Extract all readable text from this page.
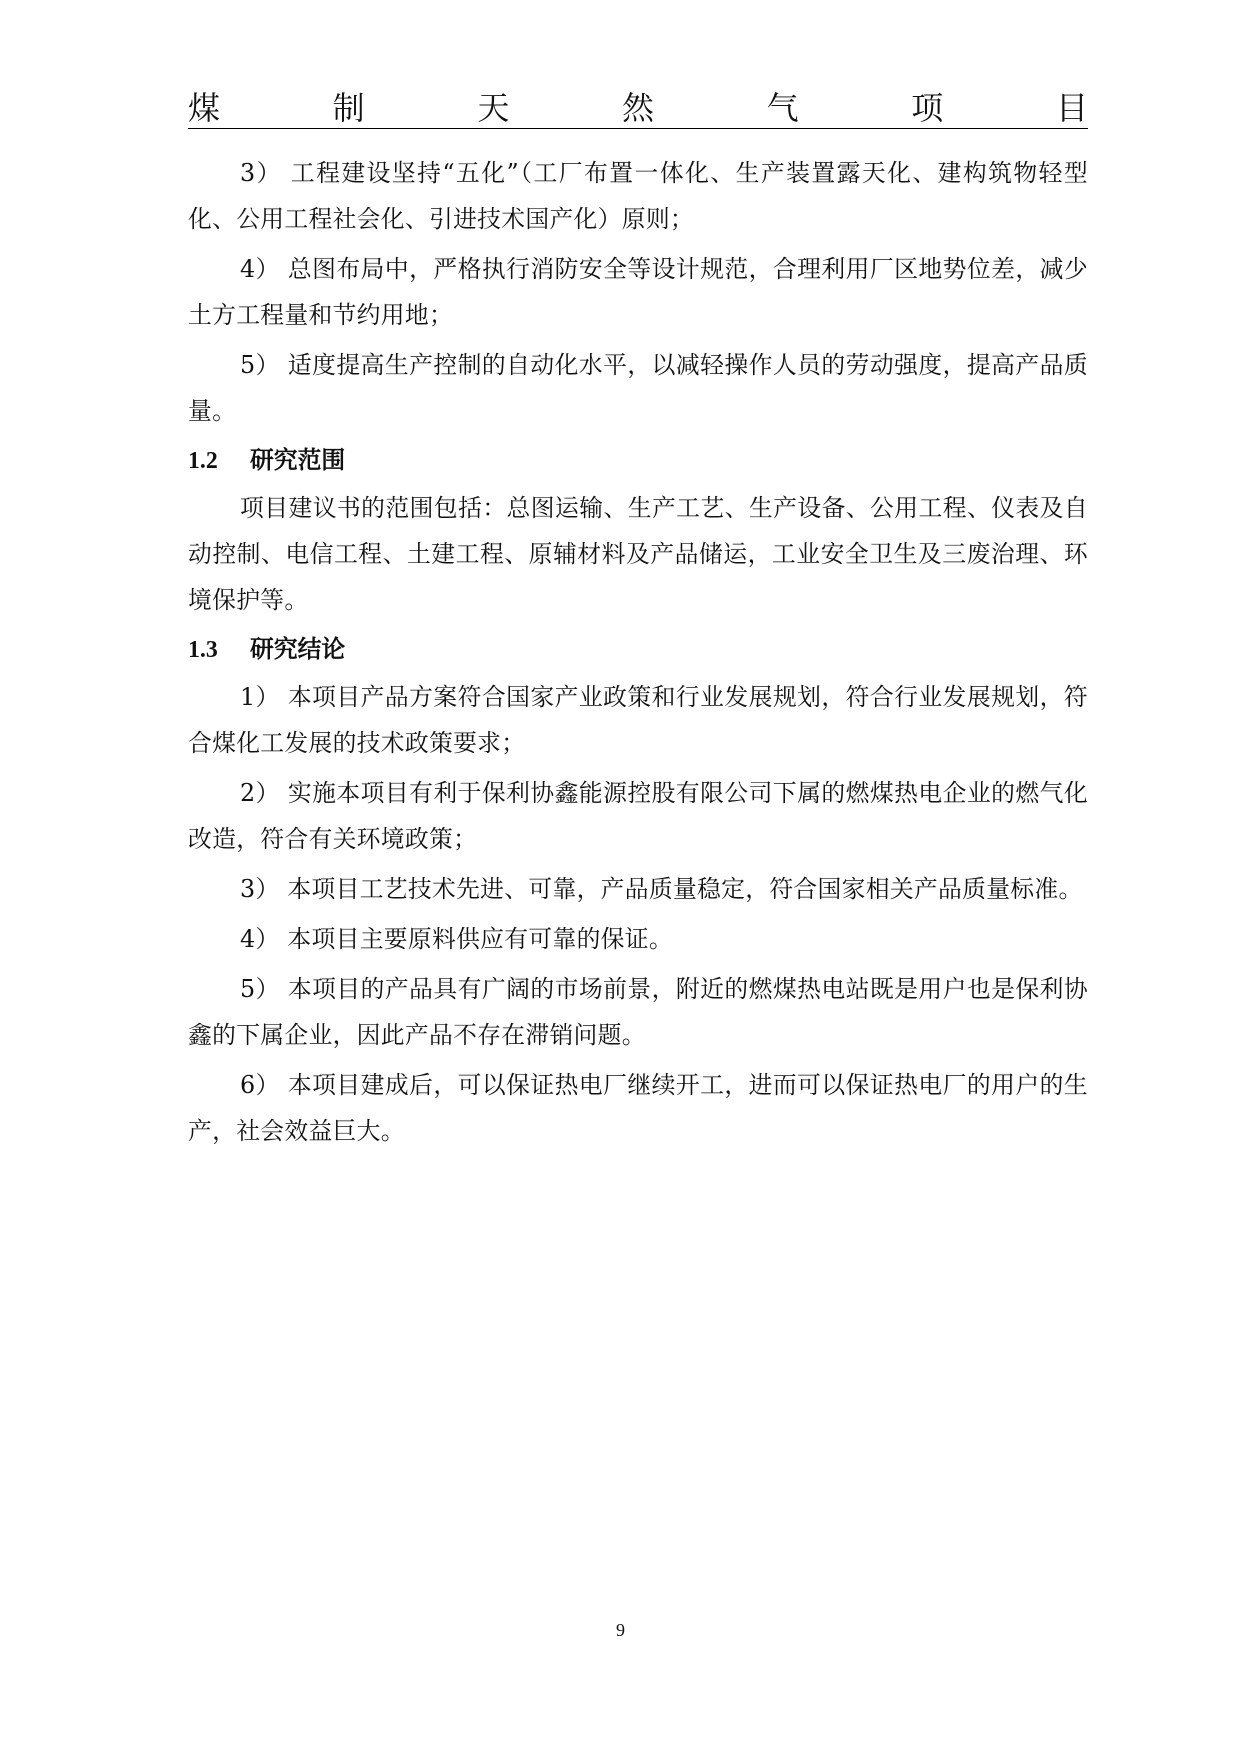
煤	制	天	然	气	项	目

3） 工程建设坚持“五化”（工厂布置一体化、生产装置露天化、建构筑物轻型化、公用工程社会化、引进技术国产化）原则；

4） 总图布局中，严格执行消防安全等设计规范，合理利用厂区地势位差，减少土方工程量和节约用地；

5） 适度提高生产控制的自动化水平，以减轻操作人员的劳动强度，提高产品质量。

1.2 研究范围

项目建议书的范围包括：总图运输、生产工艺、生产设备、公用工程、仪表及自动控制、电信工程、土建工程、原辅材料及产品储运，工业安全卫生及三废治理、环境保护等。

1.3 研究结论

1） 本项目产品方案符合国家产业政策和行业发展规划，符合行业发展规划，符合煤化工发展的技术政策要求；

2） 实施本项目有利于保利协鑫能源控股有限公司下属的燃煤热电企业的燃气化改造，符合有关环境政策；

3） 本项目工艺技术先进、可靠，产品质量稳定，符合国家相关产品质量标准。

4） 本项目主要原料供应有可靠的保证。

5） 本项目的产品具有广阔的市场前景，附近的燃煤热电站既是用户也是保利协鑫的下属企业，因此产品不存在滞销问题。

6） 本项目建成后，可以保证热电厂继续开工，进而可以保证热电厂的用户的生产，社会效益巨大。

9
